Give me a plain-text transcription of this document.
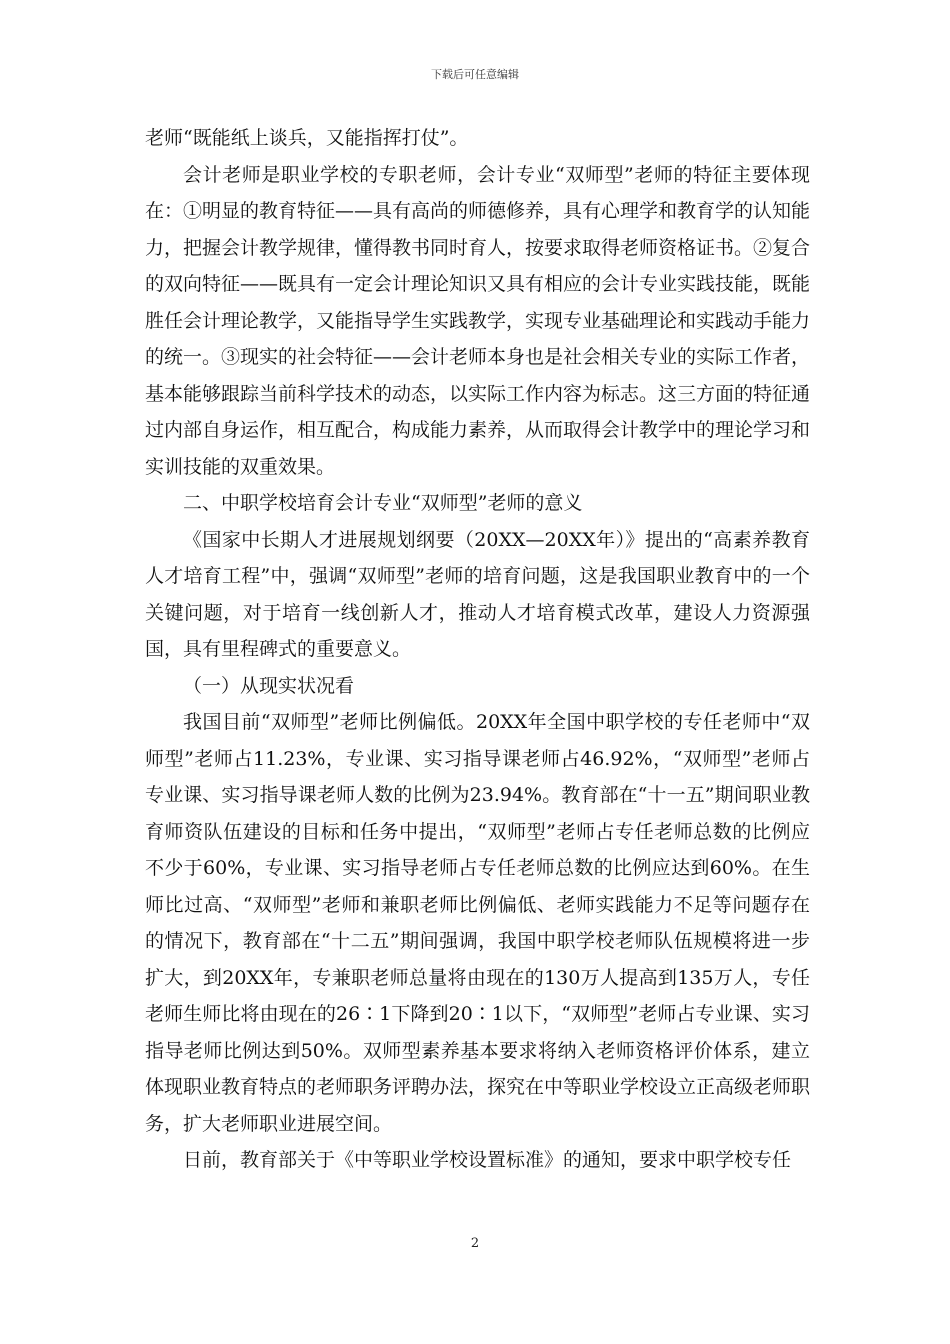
下载后可任意编辑

老师“既能纸上谈兵，又能指挥打仗”。

会计老师是职业学校的专职老师，会计专业“双师型”老师的特征主要体现在：①明显的教育特征——具有高尚的师德修养，具有心理学和教育学的认知能力，把握会计教学规律，懂得教书同时育人，按要求取得老师资格证书。②复合的双向特征——既具有一定会计理论知识又具有相应的会计专业实践技能，既能胜任会计理论教学，又能指导学生实践教学，实现专业基础理论和实践动手能力的统一。③现实的社会特征——会计老师本身也是社会相关专业的实际工作者，基本能够跟踪当前科学技术的动态，以实际工作内容为标志。这三方面的特征通过内部自身运作，相互配合，构成能力素养，从而取得会计教学中的理论学习和实训技能的双重效果。

二、中职学校培育会计专业“双师型”老师的意义

《国家中长期人才进展规划纲要（20XX—20XX年）》提出的“高素养教育人才培育工程”中，强调“双师型”老师的培育问题，这是我国职业教育中的一个关键问题，对于培育一线创新人才，推动人才培育模式改革，建设人力资源强国，具有里程碑式的重要意义。

（一）从现实状况看

我国目前“双师型”老师比例偏低。20XX年全国中职学校的专任老师中“双师型”老师占11.23%，专业课、实习指导课老师占46.92%，“双师型”老师占专业课、实习指导课老师人数的比例为23.94%。教育部在“十一五”期间职业教育师资队伍建设的目标和任务中提出，“双师型”老师占专任老师总数的比例应不少于60%，专业课、实习指导老师占专任老师总数的比例应达到60%。在生师比过高、“双师型”老师和兼职老师比例偏低、老师实践能力不足等问题存在的情况下，教育部在“十二五”期间强调，我国中职学校老师队伍规模将进一步扩大，到20XX年，专兼职老师总量将由现在的130万人提高到135万人，专任老师生师比将由现在的26∶1下降到20∶1以下，“双师型”老师占专业课、实习指导老师比例达到50%。双师型素养基本要求将纳入老师资格评价体系，建立体现职业教育特点的老师职务评聘办法，探究在中等职业学校设立正高级老师职务，扩大老师职业进展空间。

日前，教育部关于《中等职业学校设置标准》的通知，要求中职学校专任

2
